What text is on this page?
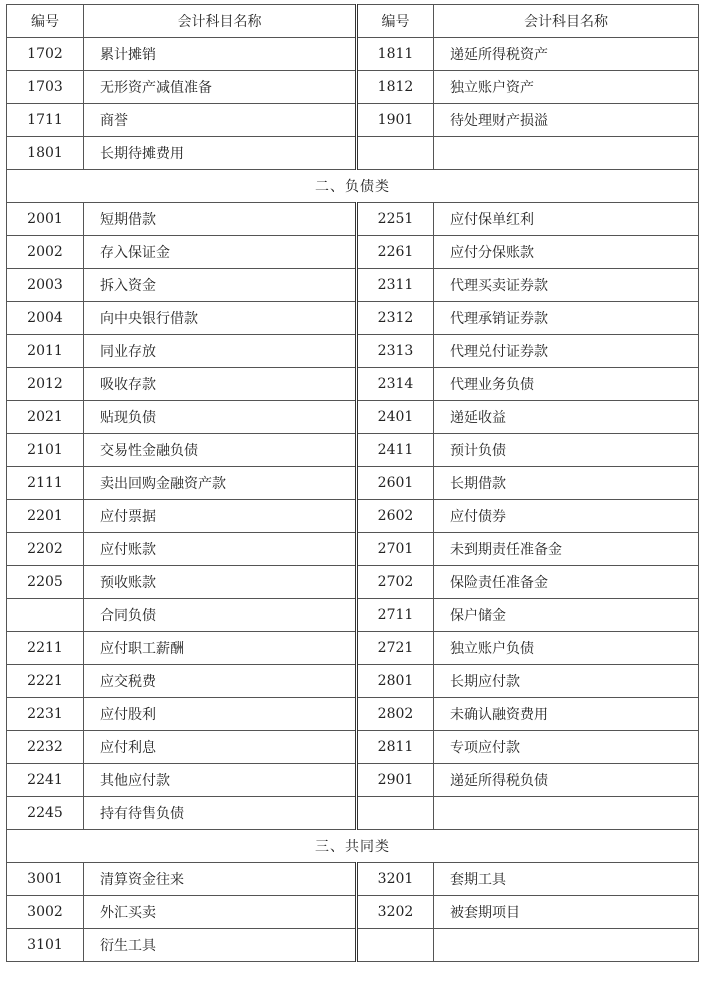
编号	会计科目名称	编号	会计科目名称
1702	累计摊销	1811	递延所得税资产
1703	无形资产减值准备	1812	独立账户资产
1711	商誉	1901	待处理财产损溢
1801	长期待摊费用		
二、负债类			
2001	短期借款	2251	应付保单红利
2002	存入保证金	2261	应付分保账款
2003	拆入资金	2311	代理买卖证券款
2004	向中央银行借款	2312	代理承销证券款
2011	同业存放	2313	代理兑付证券款
2012	吸收存款	2314	代理业务负债
2021	贴现负债	2401	递延收益
2101	交易性金融负债	2411	预计负债
2111	卖出回购金融资产款	2601	长期借款
2201	应付票据	2602	应付债券
2202	应付账款	2701	未到期责任准备金
2205	预收账款	2702	保险责任准备金
	合同负债	2711	保户储金
2211	应付职工薪酬	2721	独立账户负债
2221	应交税费	2801	长期应付款
2231	应付股利	2802	未确认融资费用
2232	应付利息	2811	专项应付款
2241	其他应付款	2901	递延所得税负债
2245	持有待售负债		
三、共同类			
3001	清算资金往来	3201	套期工具
3002	外汇买卖	3202	被套期项目
3101	衍生工具		
